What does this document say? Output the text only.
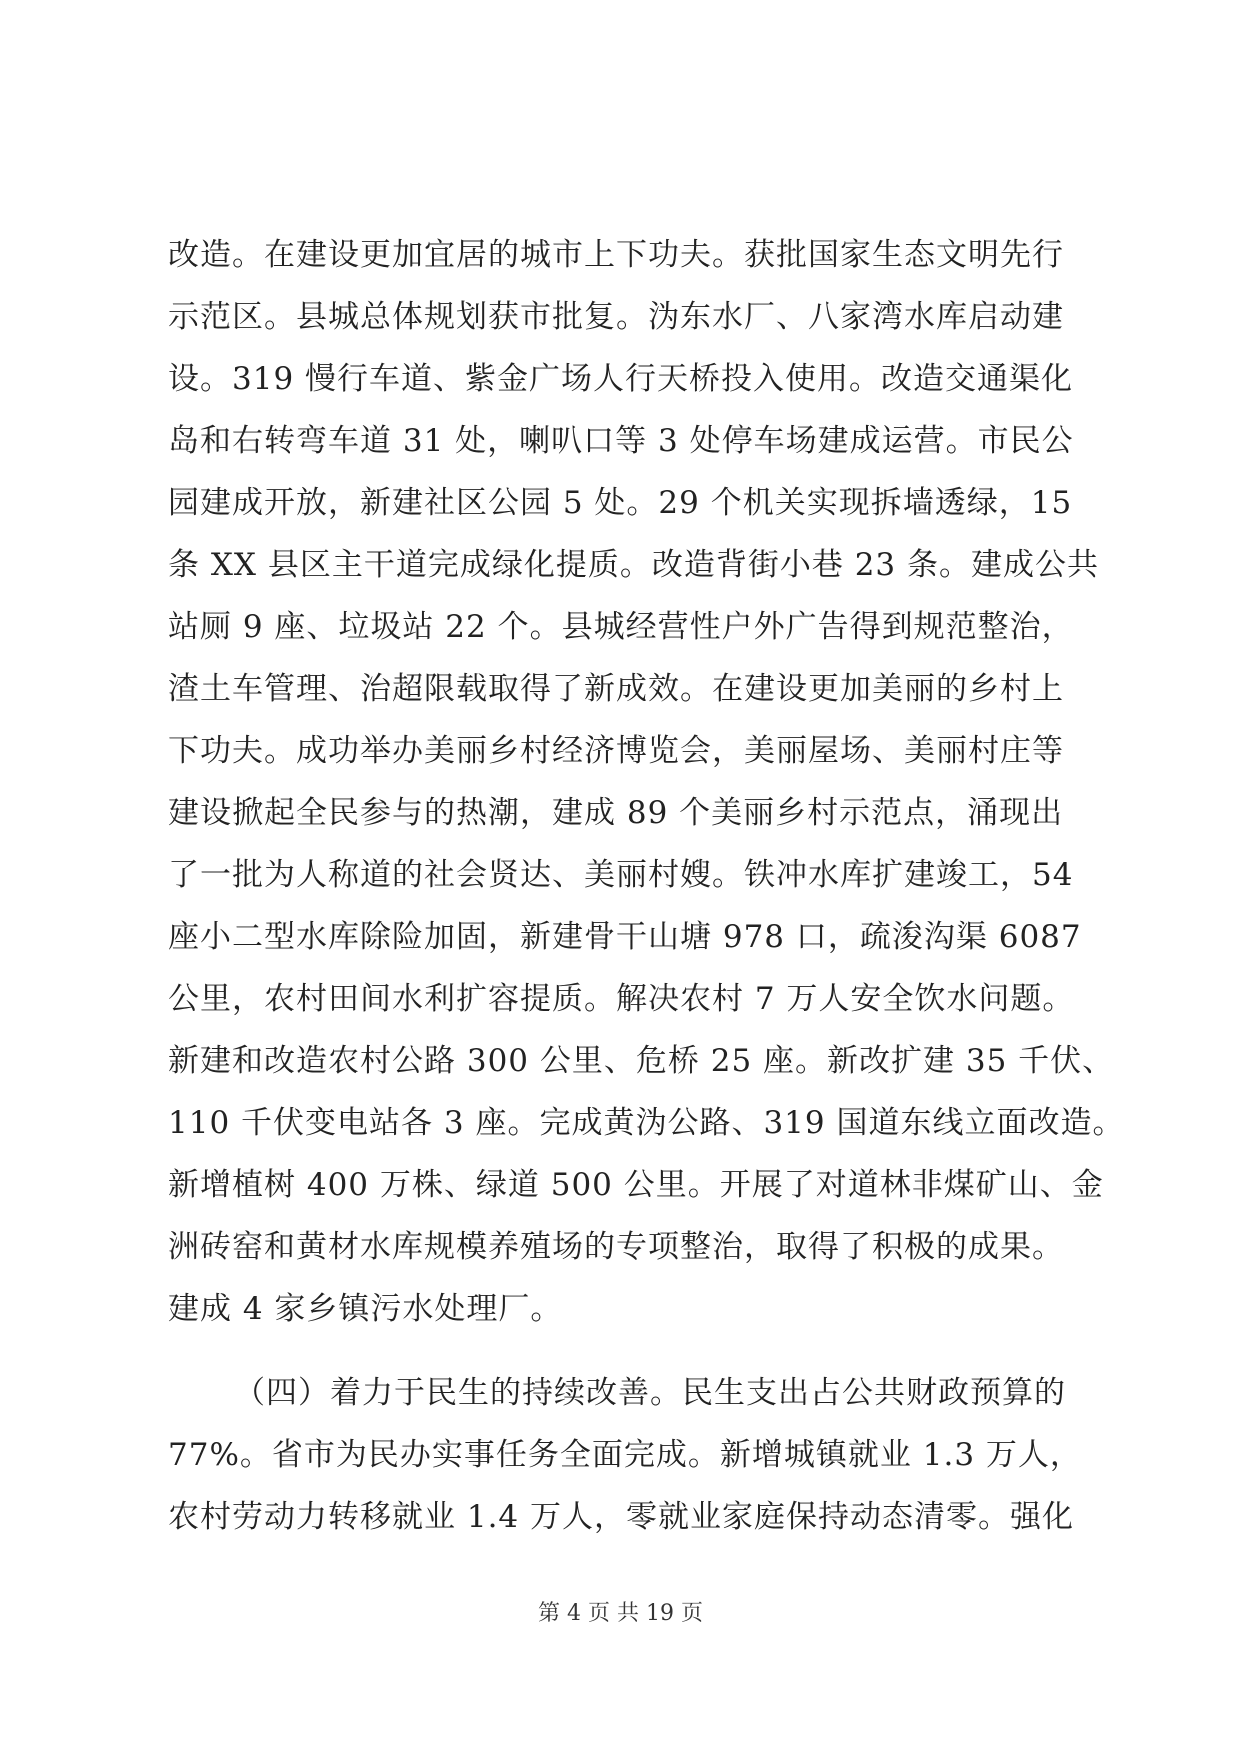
改造。在建设更加宜居的城市上下功夫。获批国家生态文明先行
示范区。县城总体规划获市批复。沩东水厂、八家湾水库启动建
设。319 慢行车道、紫金广场人行天桥投入使用。改造交通渠化
岛和右转弯车道 31 处，喇叭口等 3 处停车场建成运营。市民公
园建成开放，新建社区公园 5 处。29 个机关实现拆墙透绿，15
条 XX 县区主干道完成绿化提质。改造背街小巷 23 条。建成公共
站厕 9 座、垃圾站 22 个。县城经营性户外广告得到规范整治，
渣土车管理、治超限载取得了新成效。在建设更加美丽的乡村上
下功夫。成功举办美丽乡村经济博览会，美丽屋场、美丽村庄等
建设掀起全民参与的热潮，建成 89 个美丽乡村示范点，涌现出
了一批为人称道的社会贤达、美丽村嫂。铁冲水库扩建竣工，54
座小二型水库除险加固，新建骨干山塘 978 口，疏浚沟渠 6087
公里，农村田间水利扩容提质。解决农村 7 万人安全饮水问题。
新建和改造农村公路 300 公里、危桥 25 座。新改扩建 35 千伏、
110 千伏变电站各 3 座。完成黄沩公路、319 国道东线立面改造。
新增植树 400 万株、绿道 500 公里。开展了对道林非煤矿山、金
洲砖窑和黄材水库规模养殖场的专项整治，取得了积极的成果。
建成 4 家乡镇污水处理厂。
（四）着力于民生的持续改善。民生支出占公共财政预算的
77%。省市为民办实事任务全面完成。新增城镇就业 1.3 万人，
农村劳动力转移就业 1.4 万人，零就业家庭保持动态清零。强化
第 4 页 共 19 页
